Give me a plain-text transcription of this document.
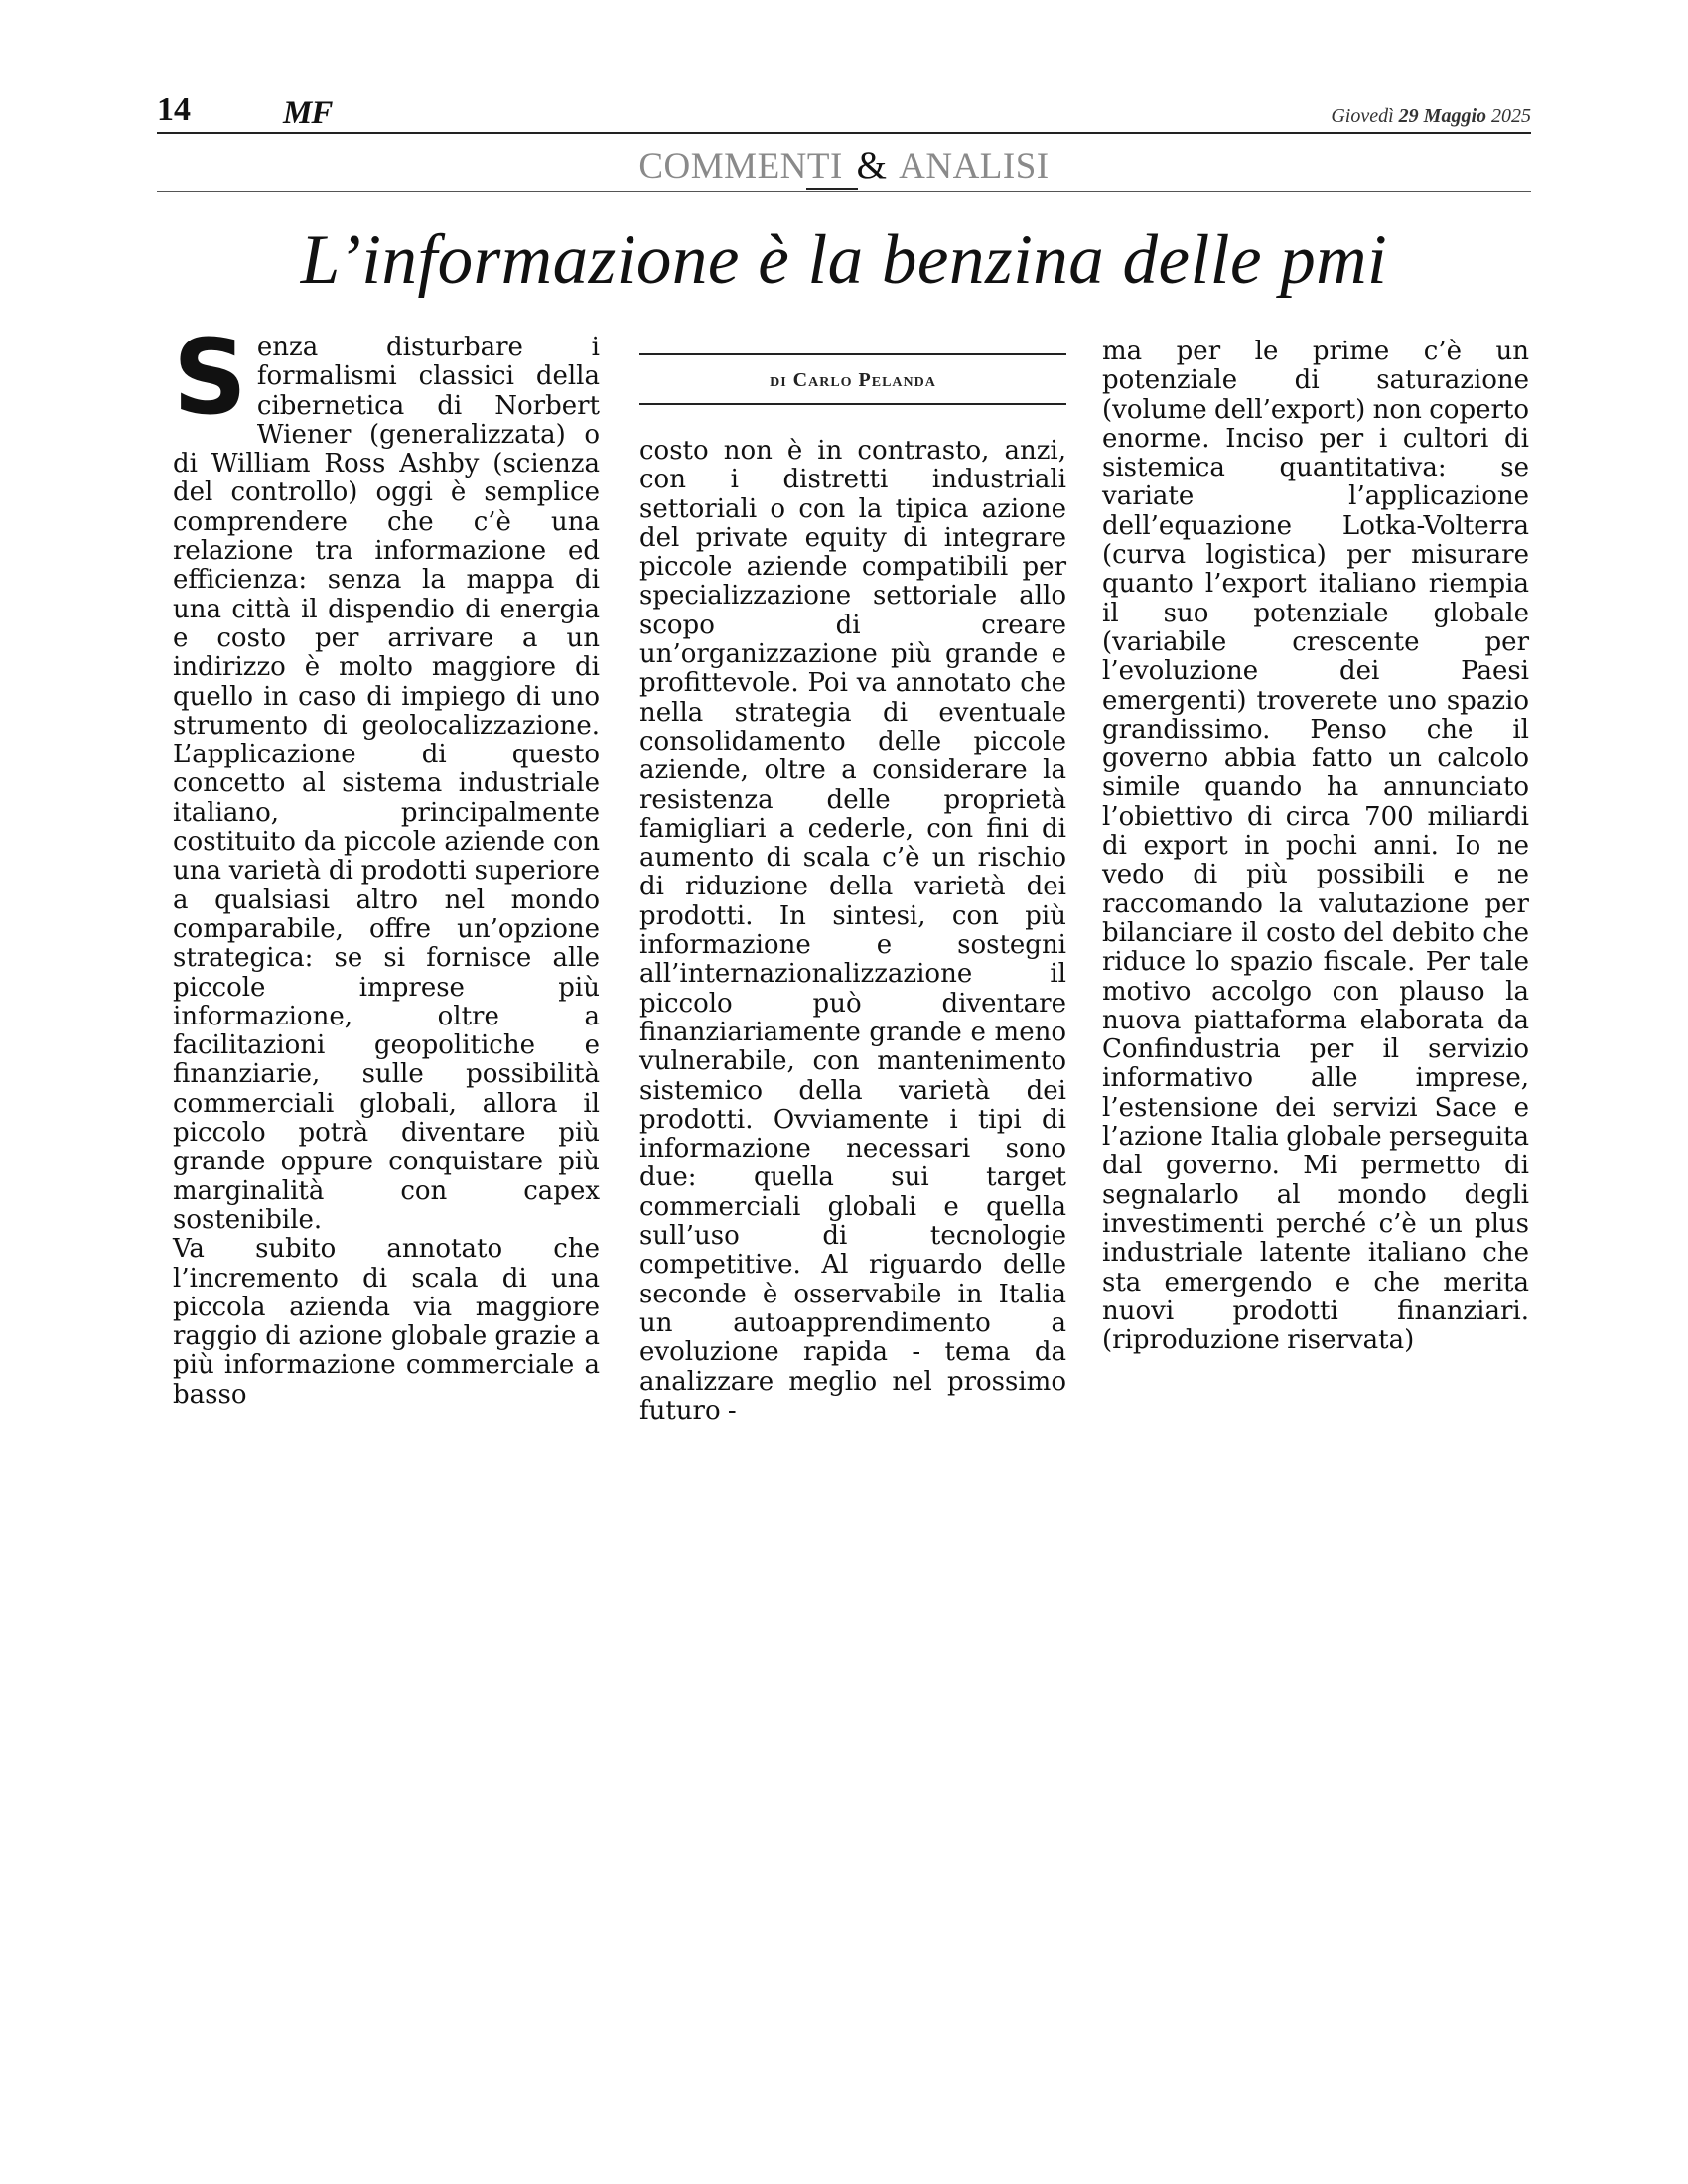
14	MF	Giovedì 29 Maggio 2025
COMMENTI & ANALISI
L’informazione è la benzina delle pmi
S enza disturbare i formalismi classici della cibernetica di Norbert Wiener (generalizzata) o di William Ross Ashby (scienza del controllo) oggi è semplice comprendere che c’è una relazione tra informazione ed efficienza: senza la mappa di una città il dispendio di energia e costo per arrivare a un indirizzo è molto maggiore di quello in caso di impiego di uno strumento di geolocalizzazione. L’applicazione di questo concetto al sistema industriale italiano, principalmente costituito da piccole aziende con una varietà di prodotti superiore a qualsiasi altro nel mondo comparabile, offre un’opzione strategica: se si fornisce alle piccole imprese più informazione, oltre a facilitazioni geopolitiche e finanziarie, sulle possibilità commerciali globali, allora il piccolo potrà diventare più grande oppure conquistare più marginalità con capex sostenibile.

Va subito annotato che l’incremento di scala di una piccola azienda via maggiore raggio di azione globale grazie a più informazione commerciale a basso

di Carlo Pelanda

costo non è in contrasto, anzi, con i distretti industriali settoriali o con la tipica azione del private equity di integrare piccole aziende compatibili per specializzazione settoriale allo scopo di creare un’organizzazione più grande e profittevole. Poi va annotato che nella strategia di eventuale consolidamento delle piccole aziende, oltre a considerare la resistenza delle proprietà famigliari a cederle, con fini di aumento di scala c’è un rischio di riduzione della varietà dei prodotti. In sintesi, con più informazione e sostegni all’internazionalizzazione il piccolo può diventare finanziariamente grande e meno vulnerabile, con mantenimento sistemico della varietà dei prodotti. Ovviamente i tipi di informazione necessari sono due: quella sui target commerciali globali e quella sull’uso di tecnologie competitive. Al riguardo delle seconde è osservabile in Italia un autoapprendimento a evoluzione rapida - tema da analizzare meglio nel prossimo futuro -

ma per le prime c’è un potenziale di saturazione (volume dell’export) non coperto enorme. Inciso per i cultori di sistemica quantitativa: se variate l’applicazione dell’equazione Lotka-Volterra (curva logistica) per misurare quanto l’export italiano riempia il suo potenziale globale (variabile crescente per l’evoluzione dei Paesi emergenti) troverete uno spazio grandissimo. Penso che il governo abbia fatto un calcolo simile quando ha annunciato l’obiettivo di circa 700 miliardi di export in pochi anni. Io ne vedo di più possibili e ne raccomando la valutazione per bilanciare il costo del debito che riduce lo spazio fiscale. Per tale motivo accolgo con plauso la nuova piattaforma elaborata da Confindustria per il servizio informativo alle imprese, l’estensione dei servizi Sace e l’azione Italia globale perseguita dal governo. Mi permetto di segnalarlo al mondo degli investimenti perché c’è un plus industriale latente italiano che sta emergendo e che merita nuovi prodotti finanziari. (riproduzione riservata)
